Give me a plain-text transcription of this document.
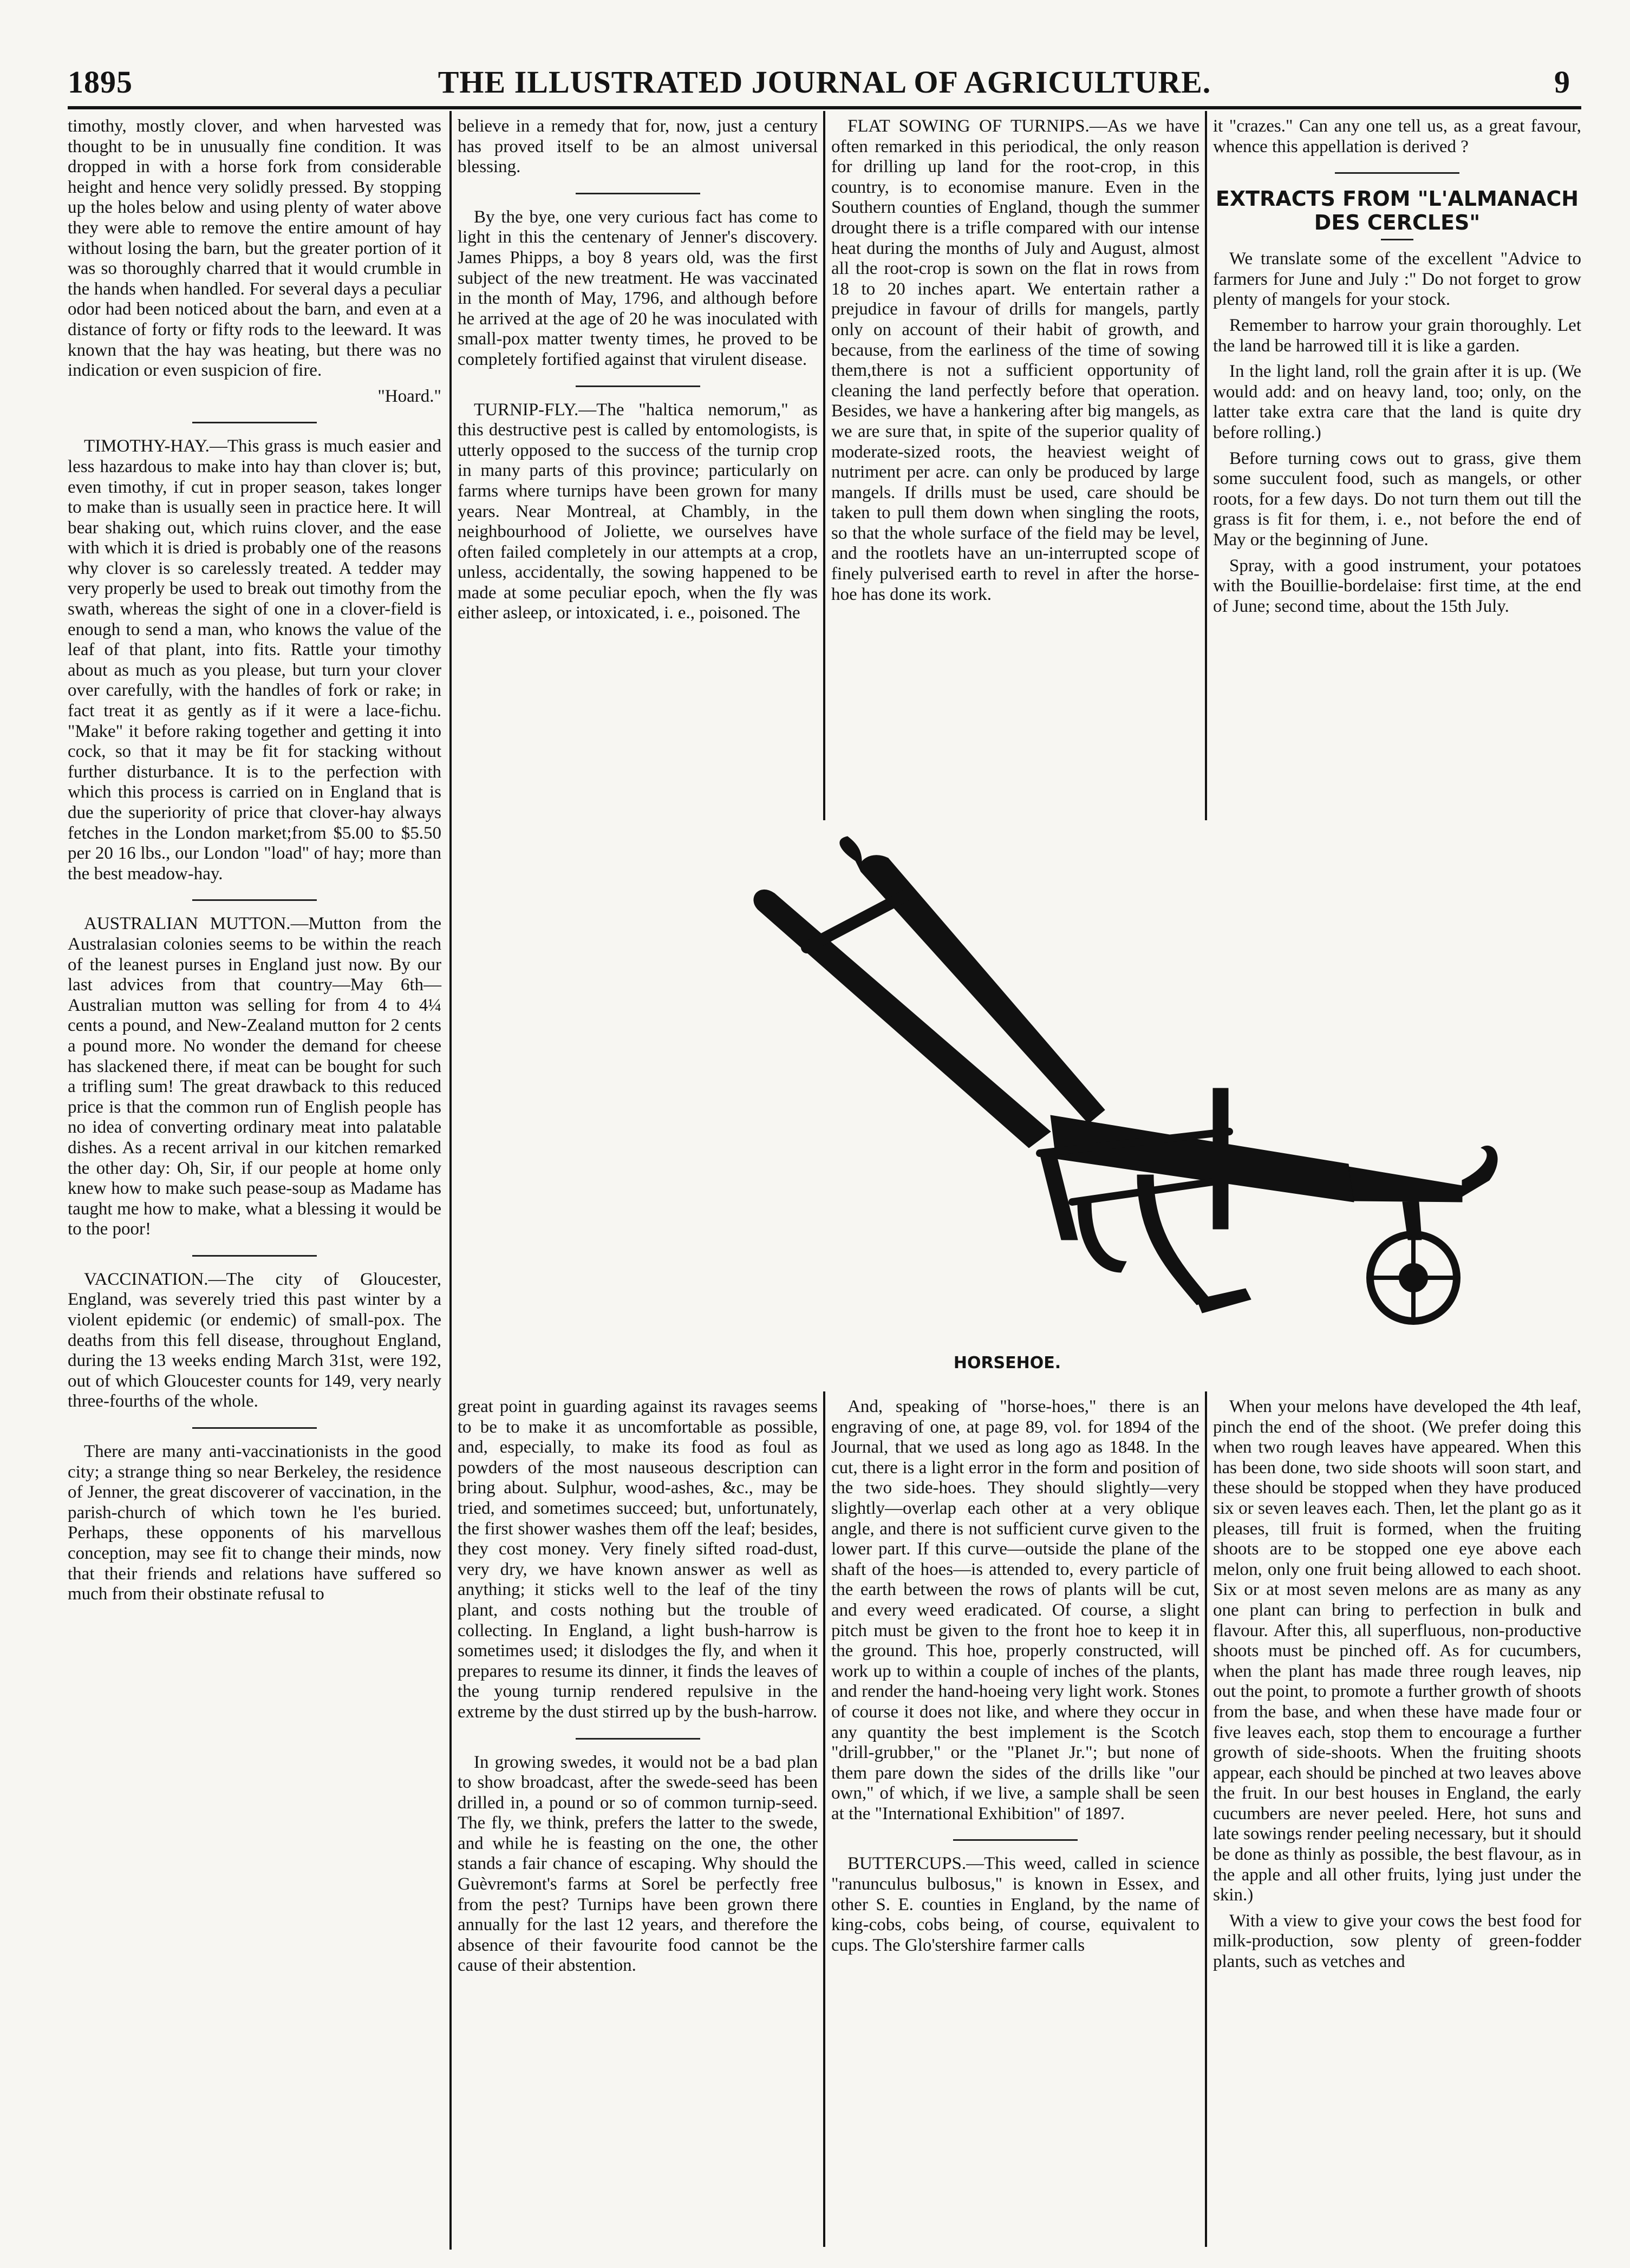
1895	THE ILLUSTRATED JOURNAL OF AGRICULTURE.	9

timothy, mostly clover, and when harvested was thought to be in unusually fine condition. It was dropped in with a horse fork from considerable height and hence very solidly pressed. By stopping up the holes below and using plenty of water above they were able to remove the entire amount of hay without losing the barn, but the greater portion of it was so thoroughly charred that it would crumble in the hands when handled. For several days a peculiar odor had been noticed about the barn, and even at a distance of forty or fifty rods to the leeward. It was known that the hay was heating, but there was no indication or even suspicion of fire.

"Hoard."

TIMOTHY-HAY.—This grass is much easier and less hazardous to make into hay than clover is; but, even timothy, if cut in proper season, takes longer to make than is usually seen in practice here. It will bear shaking out, which ruins clover, and the ease with which it is dried is probably one of the reasons why clover is so carelessly treated. A tedder may very properly be used to break out timothy from the swath, whereas the sight of one in a clover-field is enough to send a man, who knows the value of the leaf of that plant, into fits. Rattle your timothy about as much as you please, but turn your clover over carefully, with the handles of fork or rake; in fact treat it as gently as if it were a lace-fichu. "Make" it before raking together and getting it into cock, so that it may be fit for stacking without further disturbance. It is to the perfection with which this process is carried on in England that is due the superiority of price that clover-hay always fetches in the London market;from $5.00 to $5.50 per 20 16 lbs., our London "load" of hay; more than the best meadow-hay.

AUSTRALIAN MUTTON.—Mutton from the Australasian colonies seems to be within the reach of the leanest purses in England just now. By our last advices from that country—May 6th—Australian mutton was selling for from 4 to 4¼ cents a pound, and New-Zealand mutton for 2 cents a pound more. No wonder the demand for cheese has slackened there, if meat can be bought for such a trifling sum! The great drawback to this reduced price is that the common run of English people has no idea of converting ordinary meat into palatable dishes. As a recent arrival in our kitchen remarked the other day: Oh, Sir, if our people at home only knew how to make such pease-soup as Madame has taught me how to make, what a blessing it would be to the poor!

VACCINATION.—The city of Gloucester, England, was severely tried this past winter by a violent epidemic (or endemic) of small-pox. The deaths from this fell disease, throughout England, during the 13 weeks ending March 31st, were 192, out of which Gloucester counts for 149, very nearly three-fourths of the whole.

There are many anti-vaccinationists in the good city; a strange thing so near Berkeley, the residence of Jenner, the great discoverer of vaccination, in the parish-church of which town he l'es buried. Perhaps, these opponents of his marvellous conception, may see fit to change their minds, now that their friends and relations have suffered so much from their obstinate refusal to

believe in a remedy that for, now, just a century has proved itself to be an almost universal blessing.

By the bye, one very curious fact has come to light in this the centenary of Jenner's discovery. James Phipps, a boy 8 years old, was the first subject of the new treatment. He was vaccinated in the month of May, 1796, and although before he arrived at the age of 20 he was inoculated with small-pox matter twenty times, he proved to be completely fortified against that virulent disease.

TURNIP-FLY.—The "haltica nemorum," as this destructive pest is called by entomologists, is utterly opposed to the success of the turnip crop in many parts of this province; particularly on farms where turnips have been grown for many years. Near Montreal, at Chambly, in the neighbourhood of Joliette, we ourselves have often failed completely in our attempts at a crop, unless, accidentally, the sowing happened to be made at some peculiar epoch, when the fly was either asleep, or intoxicated, i. e., poisoned. The

FLAT SOWING OF TURNIPS.—As we have often remarked in this periodical, the only reason for drilling up land for the root-crop, in this country, is to economise manure. Even in the Southern counties of England, though the summer drought there is a trifle compared with our intense heat during the months of July and August, almost all the root-crop is sown on the flat in rows from 18 to 20 inches apart. We entertain rather a prejudice in favour of drills for mangels, partly only on account of their habit of growth, and because, from the earliness of the time of sowing them,there is not a sufficient opportunity of cleaning the land perfectly before that operation. Besides, we have a hankering after big mangels, as we are sure that, in spite of the superior quality of moderate-sized roots, the heaviest weight of nutriment per acre. can only be produced by large mangels. If drills must be used, care should be taken to pull them down when singling the roots, so that the whole surface of the field may be level, and the rootlets have an un-interrupted scope of finely pulverised earth to revel in after the horse-hoe has done its work.

it "crazes." Can any one tell us, as a great favour, whence this appellation is derived ?

EXTRACTS FROM "L'ALMANACH DES CERCLES"

We translate some of the excellent "Advice to farmers for June and July :" Do not forget to grow plenty of mangels for your stock.

Remember to harrow your grain thoroughly. Let the land be harrowed till it is like a garden.

In the light land, roll the grain after it is up. (We would add: and on heavy land, too; only, on the latter take extra care that the land is quite dry before rolling.)

Before turning cows out to grass, give them some succulent food, such as mangels, or other roots, for a few days. Do not turn them out till the grass is fit for them, i. e., not before the end of May or the beginning of June.

Spray, with a good instrument, your potatoes with the Bouillie-bordelaise: first time, at the end of June; second time, about the 15th July.

HORSEHOE.

great point in guarding against its ravages seems to be to make it as uncomfortable as possible, and, especially, to make its food as foul as powders of the most nauseous description can bring about. Sulphur, wood-ashes, &c., may be tried, and sometimes succeed; but, unfortunately, the first shower washes them off the leaf; besides, they cost money. Very finely sifted road-dust, very dry, we have known answer as well as anything; it sticks well to the leaf of the tiny plant, and costs nothing but the trouble of collecting. In England, a light bush-harrow is sometimes used; it dislodges the fly, and when it prepares to resume its dinner, it finds the leaves of the young turnip rendered repulsive in the extreme by the dust stirred up by the bush-harrow.

In growing swedes, it would not be a bad plan to show broadcast, after the swede-seed has been drilled in, a pound or so of common turnip-seed. The fly, we think, prefers the latter to the swede, and while he is feasting on the one, the other stands a fair chance of escaping. Why should the Guèvremont's farms at Sorel be perfectly free from the pest? Turnips have been grown there annually for the last 12 years, and therefore the absence of their favourite food cannot be the cause of their abstention.

And, speaking of "horse-hoes," there is an engraving of one, at page 89, vol. for 1894 of the Journal, that we used as long ago as 1848. In the cut, there is a light error in the form and position of the two side-hoes. They should slightly—very slightly—overlap each other at a very oblique angle, and there is not sufficient curve given to the lower part. If this curve—outside the plane of the shaft of the hoes—is attended to, every particle of the earth between the rows of plants will be cut, and every weed eradicated. Of course, a slight pitch must be given to the front hoe to keep it in the ground. This hoe, properly constructed, will work up to within a couple of inches of the plants, and render the hand-hoeing very light work. Stones of course it does not like, and where they occur in any quantity the best implement is the Scotch "drill-grubber," or the "Planet Jr."; but none of them pare down the sides of the drills like "our own," of which, if we live, a sample shall be seen at the "International Exhibition" of 1897.

BUTTERCUPS.—This weed, called in science "ranunculus bulbosus," is known in Essex, and other S. E. counties in England, by the name of king-cobs, cobs being, of course, equivalent to cups. The Glo'stershire farmer calls

When your melons have developed the 4th leaf, pinch the end of the shoot. (We prefer doing this when two rough leaves have appeared. When this has been done, two side shoots will soon start, and these should be stopped when they have produced six or seven leaves each. Then, let the plant go as it pleases, till fruit is formed, when the fruiting shoots are to be stopped one eye above each melon, only one fruit being allowed to each shoot. Six or at most seven melons are as many as any one plant can bring to perfection in bulk and flavour. After this, all superfluous, non-productive shoots must be pinched off. As for cucumbers, when the plant has made three rough leaves, nip out the point, to promote a further growth of shoots from the base, and when these have made four or five leaves each, stop them to encourage a further growth of side-shoots. When the fruiting shoots appear, each should be pinched at two leaves above the fruit. In our best houses in England, the early cucumbers are never peeled. Here, hot suns and late sowings render peeling necessary, but it should be done as thinly as possible, the best flavour, as in the apple and all other fruits, lying just under the skin.)

With a view to give your cows the best food for milk-production, sow plenty of green-fodder plants, such as vetches and
